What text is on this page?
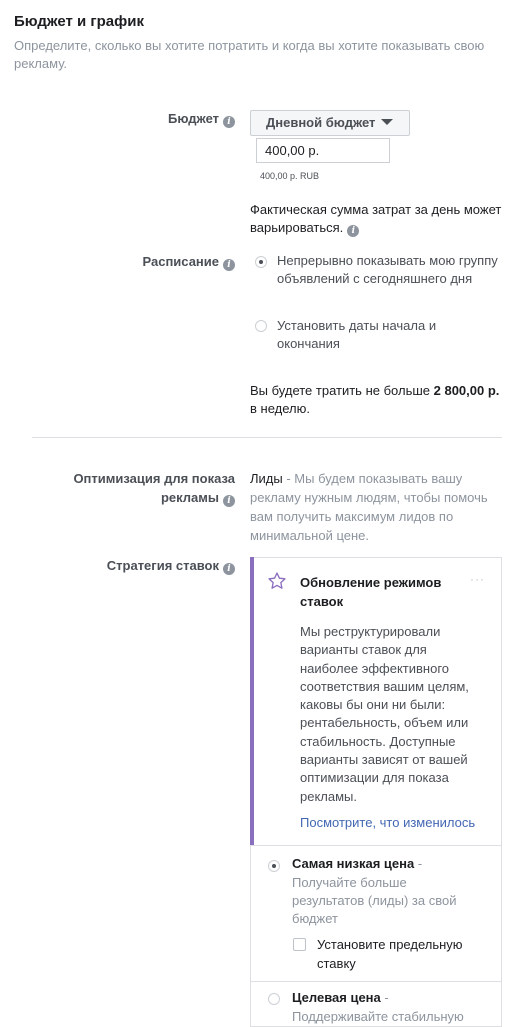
Бюджет и график
Определите, сколько вы хотите потратить и когда вы хотите показывать свою рекламу.
Бюджет i	Дневной бюджет
400,00 р.
400,00 р. RUB
Фактическая сумма затрат за день может варьироваться. i
Расписание i	Непрерывно показывать мою группу объявлений с сегодняшнего дня
Установить даты начала и окончания
Вы будете тратить не больше 2 800,00 р. в неделю.
Оптимизация для показа рекламы i
Лиды - Мы будем показывать вашу рекламу нужным людям, чтобы помочь вам получить максимум лидов по минимальной цене.
Стратегия ставок i
Обновление режимов ставок
···
Мы реструктурировали варианты ставок для наиболее эффективного соответствия вашим целям, каковы бы они ни были: рентабельность, объем или стабильность. Доступные варианты зависят от вашей оптимизации для показа рекламы.
Посмотрите, что изменилось
Самая низкая цена -
Получайте больше результатов (лиды) за свой бюджет
Установите предельную ставку
Целевая цена -
Поддерживайте стабильную
